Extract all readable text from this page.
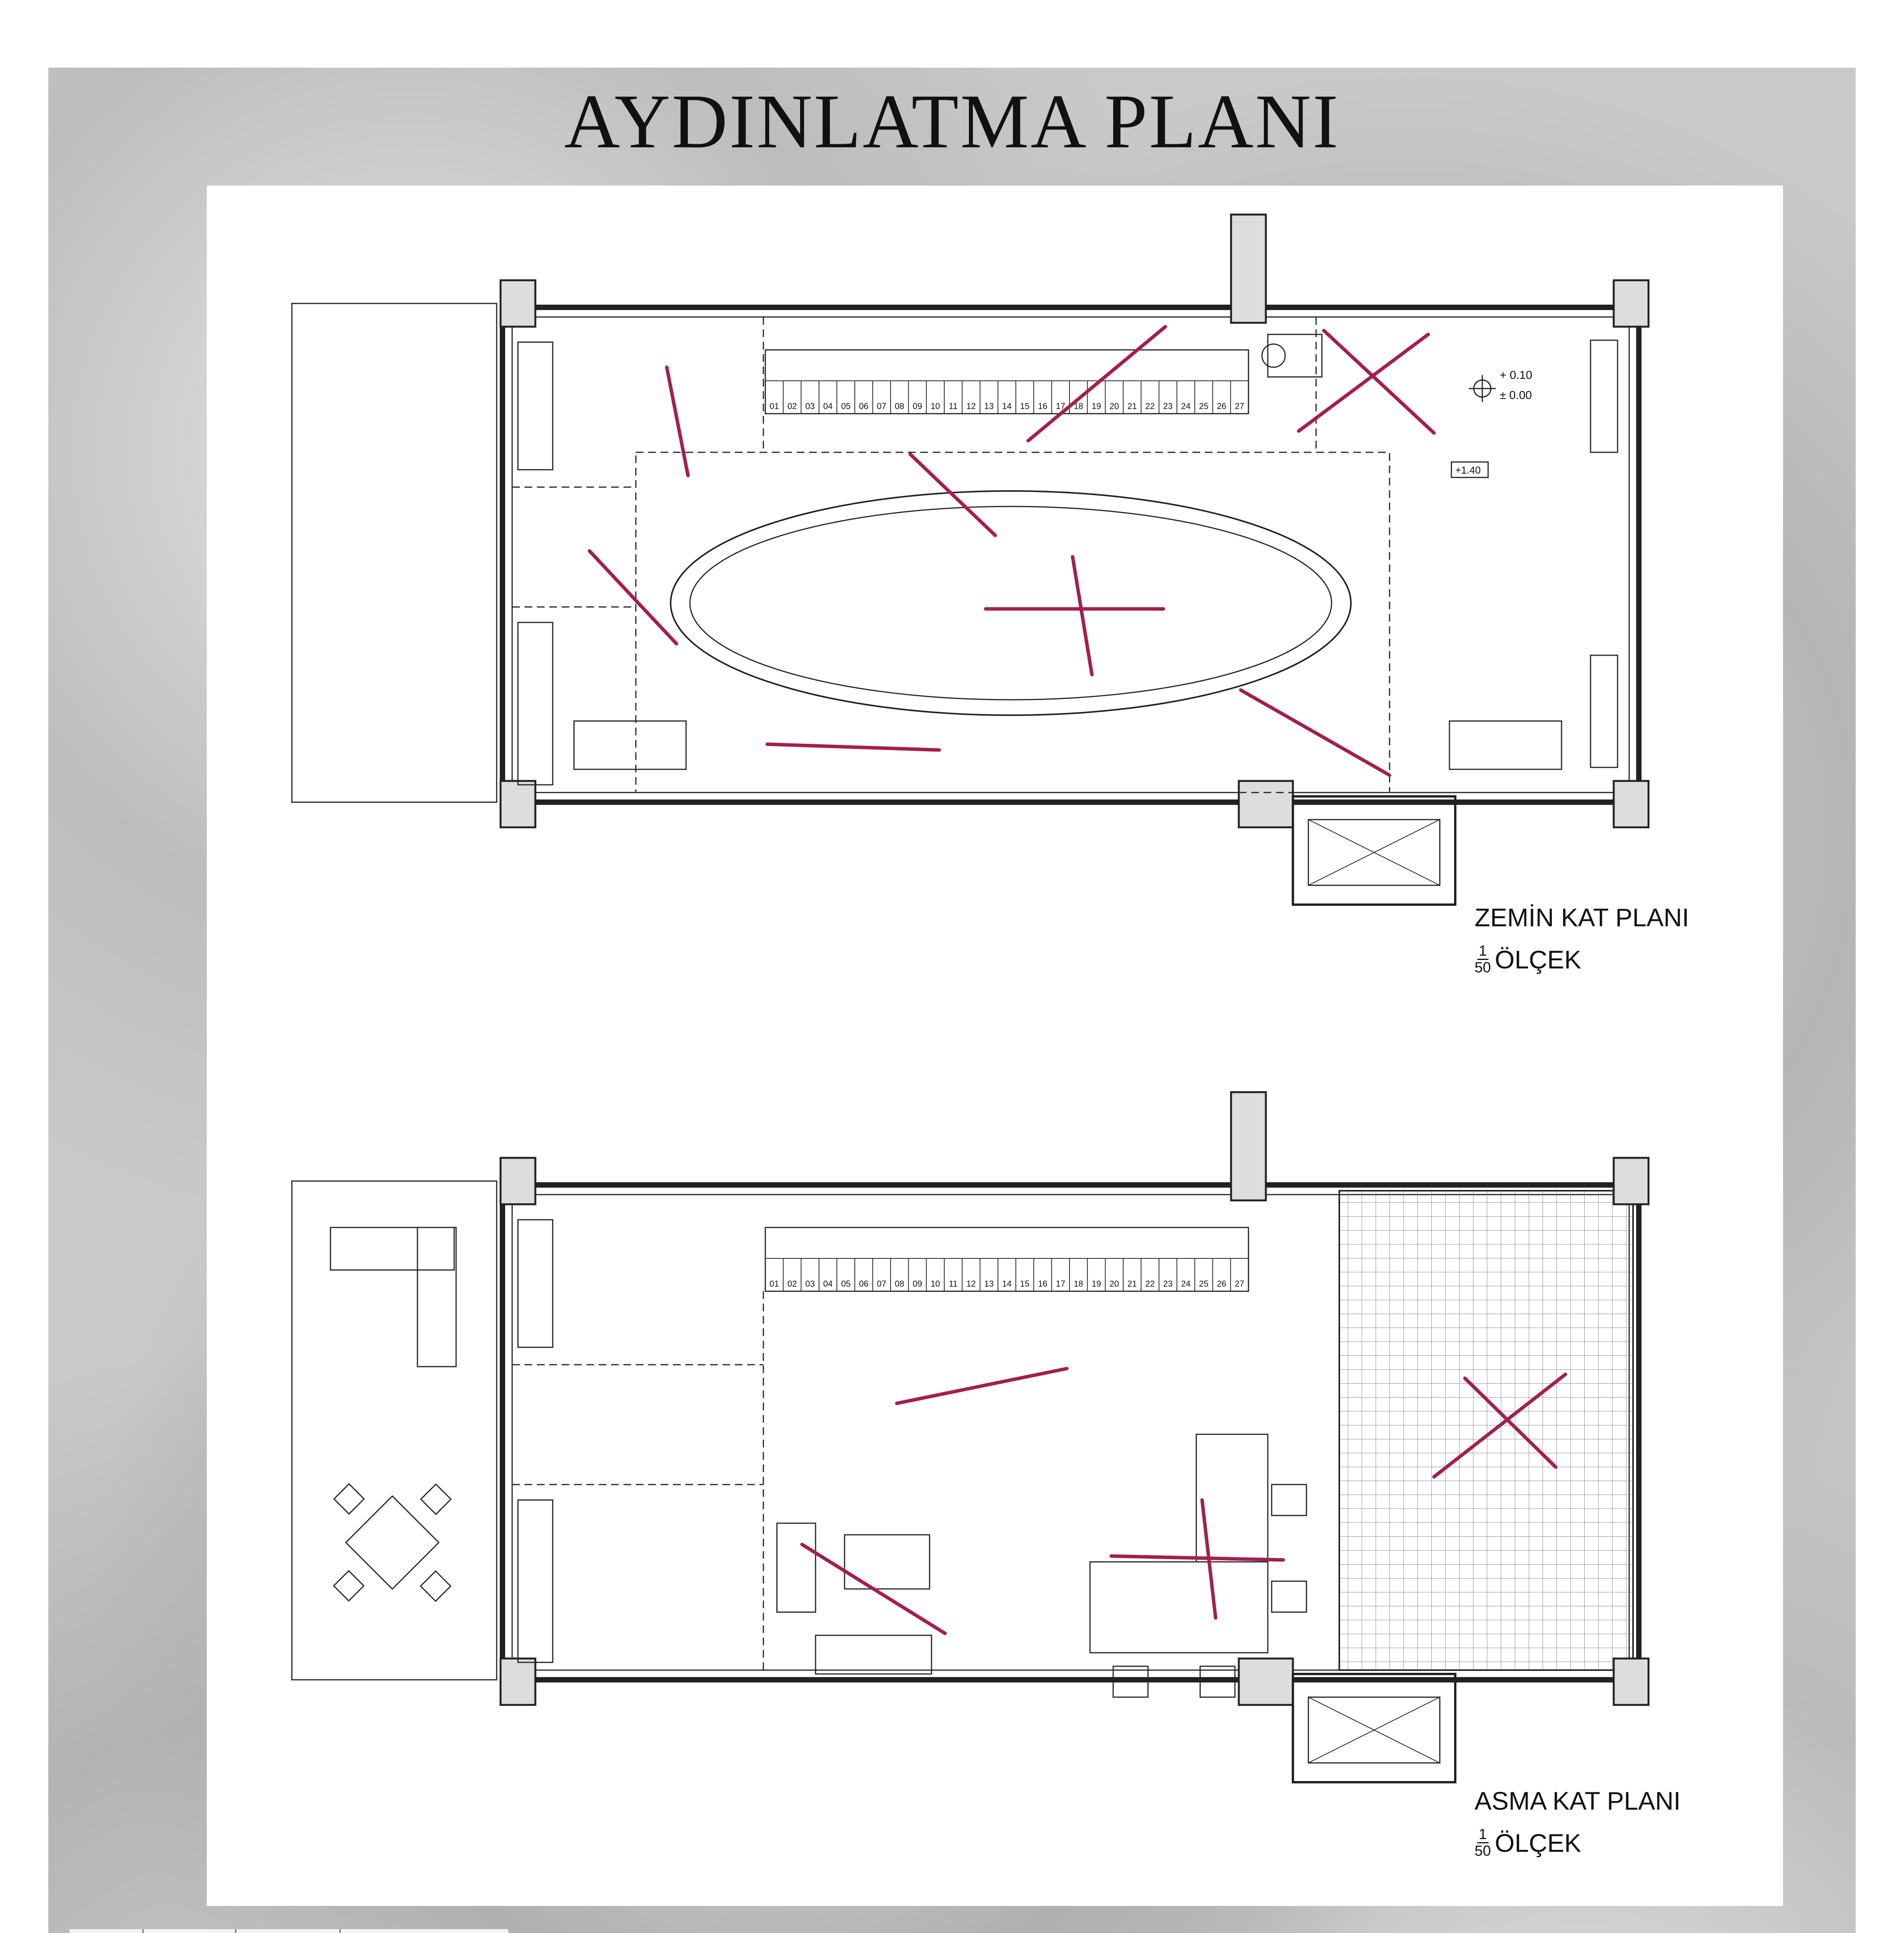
AYDINLATMA PLANI
01 02 03 04 05 06 07 08 09 10 11 12 13 14 15 16 17 18 19 20 21 22 23 24 25 26 27
+ 0.10
± 0.00
+1.40
ZEMİN KAT PLANI
$\frac{1}{50}$ ÖLÇEK
01 02 03 04 05 06 07 08 09 10 11 12 13 14 15 16 17 18 19 20 21 22 23 24 25 26 27
ASMA KAT PLANI
$\frac{1}{50}$ ÖLÇEK
